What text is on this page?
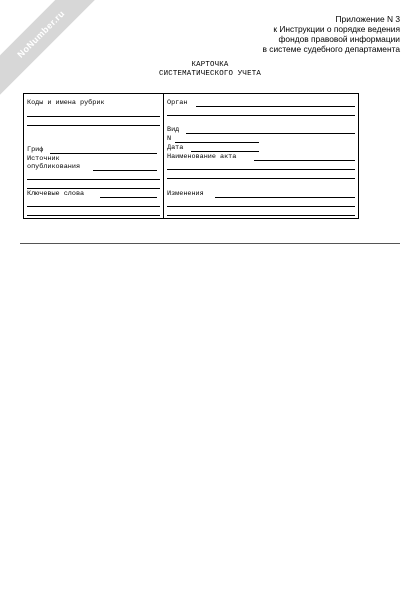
NoNumber.ru	Приложение N 3
к Инструкции о порядке ведения
фондов правовой информации
в системе судебного департамента
КАРТОЧКА
СИСТЕМАТИЧЕСКОГО УЧЕТА
Коды и имена рубрик
Гриф
Источник
опубликования
Ключевые слова
Орган
Вид
N
Дата
Наименование акта
Изменения
